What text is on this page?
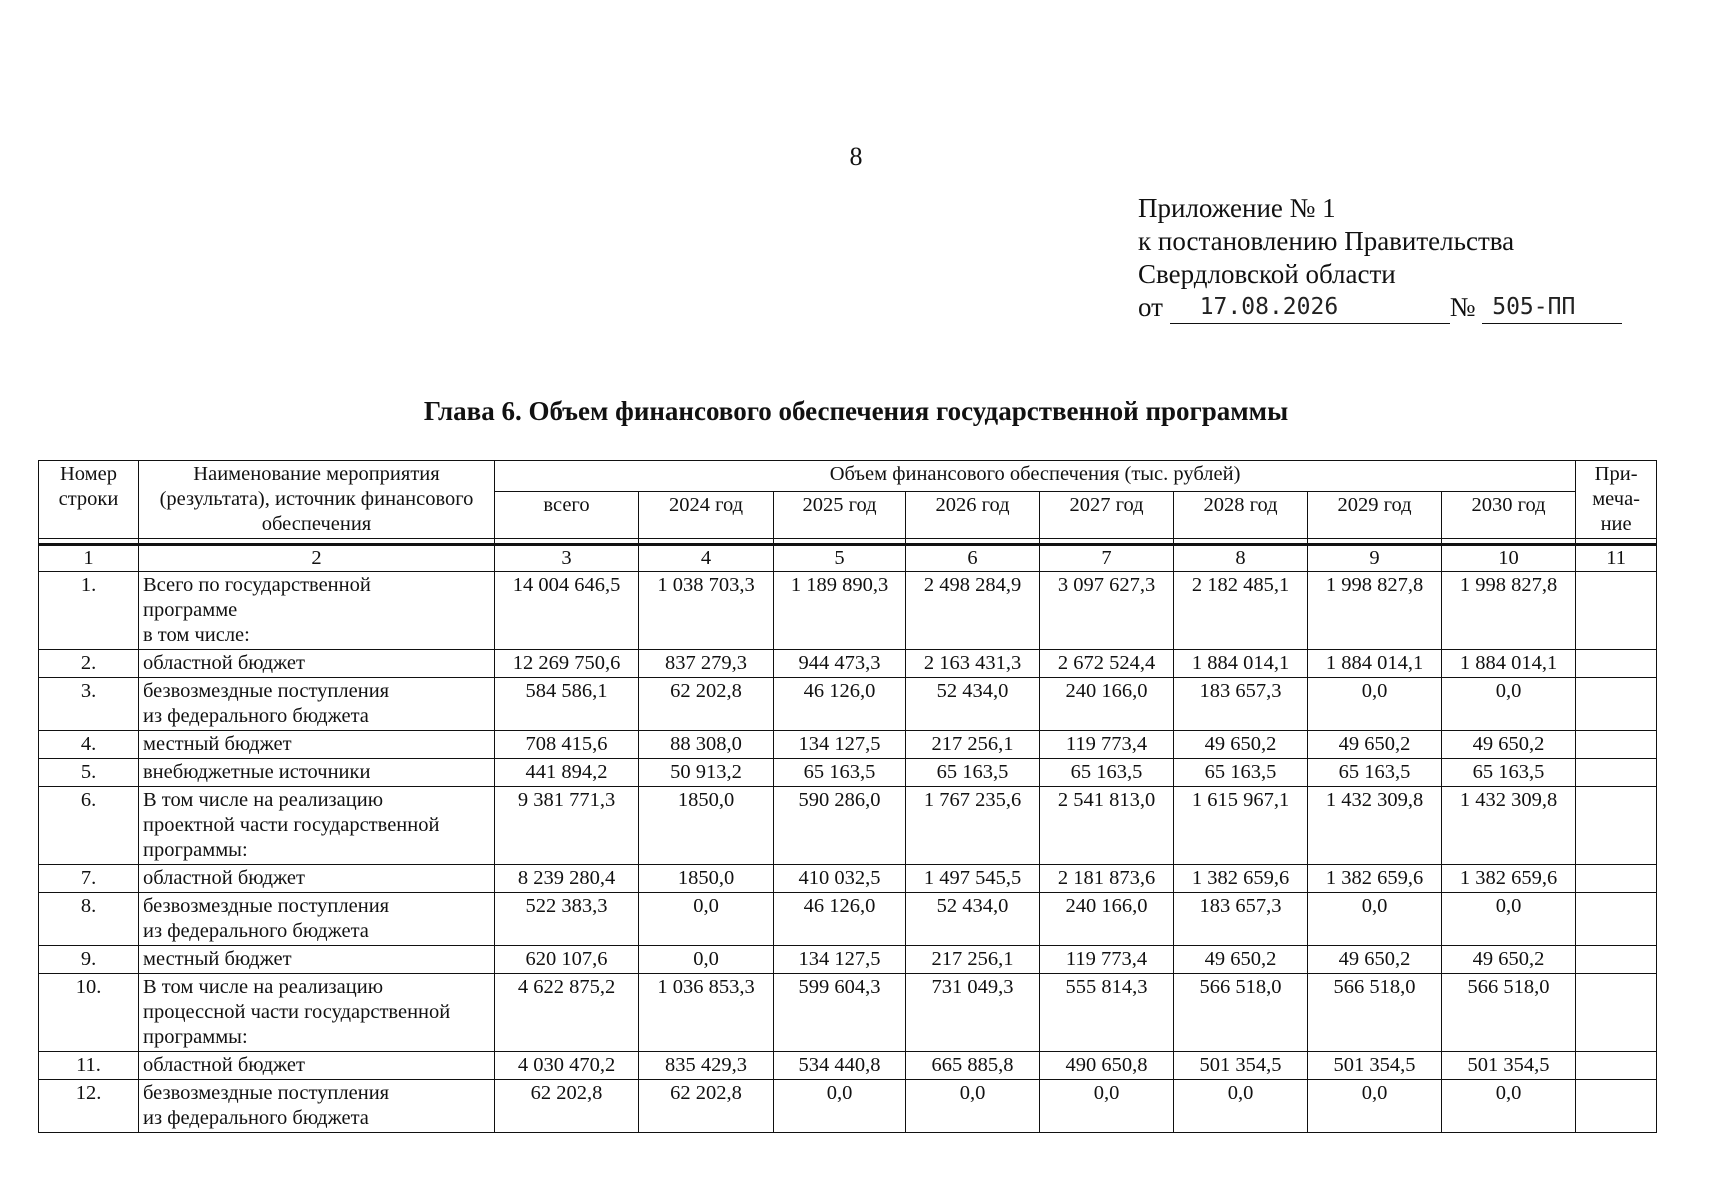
8
Приложение № 1
к постановлению Правительства
Свердловской области
от 17.08.2026	№ 505-ПП
Глава 6. Объем финансового обеспечения государственной программы
Номер строки	Наименование мероприятия (результата), источник финансового обеспечения	Объем финансового обеспечения (тыс. рублей)								При-меча-ние
		всего	2024 год	2025 год	2026 год	2027 год	2028 год	2029 год	2030 год	

1	2	3	4	5	6	7	8	9	10	11
1.	Всего по государственной
программе
в том числе:	14 004 646,5	1 038 703,3	1 189 890,3	2 498 284,9	3 097 627,3	2 182 485,1	1 998 827,8	1 998 827,8	
2.	областной бюджет	12 269 750,6	837 279,3	944 473,3	2 163 431,3	2 672 524,4	1 884 014,1	1 884 014,1	1 884 014,1	
3.	безвозмездные поступления
из федерального бюджета	584 586,1	62 202,8	46 126,0	52 434,0	240 166,0	183 657,3	0,0	0,0	
4.	местный бюджет	708 415,6	88 308,0	134 127,5	217 256,1	119 773,4	49 650,2	49 650,2	49 650,2	
5.	внебюджетные источники	441 894,2	50 913,2	65 163,5	65 163,5	65 163,5	65 163,5	65 163,5	65 163,5	
6.	В том числе на реализацию
проектной части государственной
программы:	9 381 771,3	1850,0	590 286,0	1 767 235,6	2 541 813,0	1 615 967,1	1 432 309,8	1 432 309,8	
7.	областной бюджет	8 239 280,4	1850,0	410 032,5	1 497 545,5	2 181 873,6	1 382 659,6	1 382 659,6	1 382 659,6	
8.	безвозмездные поступления
из федерального бюджета	522 383,3	0,0	46 126,0	52 434,0	240 166,0	183 657,3	0,0	0,0	
9.	местный бюджет	620 107,6	0,0	134 127,5	217 256,1	119 773,4	49 650,2	49 650,2	49 650,2	
10.	В том числе на реализацию
процессной части государственной
программы:	4 622 875,2	1 036 853,3	599 604,3	731 049,3	555 814,3	566 518,0	566 518,0	566 518,0	
11.	областной бюджет	4 030 470,2	835 429,3	534 440,8	665 885,8	490 650,8	501 354,5	501 354,5	501 354,5	
12.	безвозмездные поступления
из федерального бюджета	62 202,8	62 202,8	0,0	0,0	0,0	0,0	0,0	0,0	
